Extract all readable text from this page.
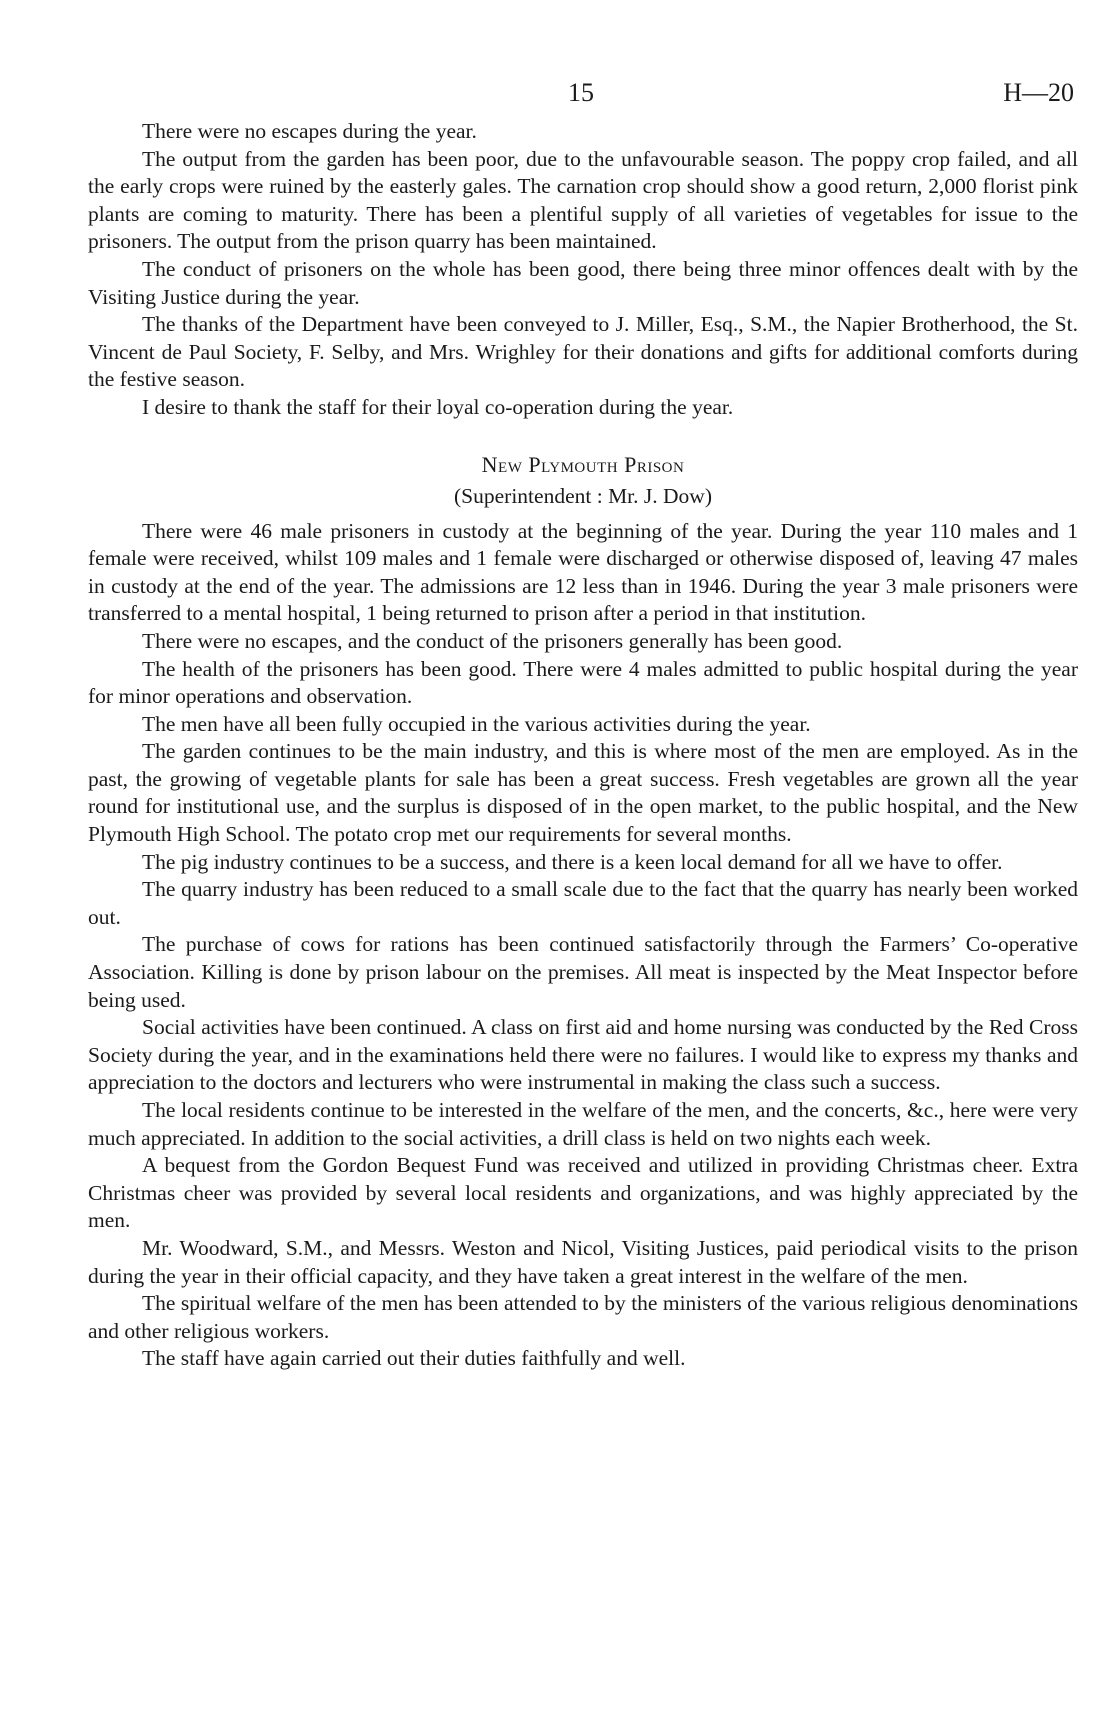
15	H—20

There were no escapes during the year.

The output from the garden has been poor, due to the unfavourable season. The poppy crop failed, and all the early crops were ruined by the easterly gales. The carnation crop should show a good return, 2,000 florist pink plants are coming to maturity. There has been a plentiful supply of all varieties of vegetables for issue to the prisoners. The output from the prison quarry has been maintained.

The conduct of prisoners on the whole has been good, there being three minor offences dealt with by the Visiting Justice during the year.

The thanks of the Department have been conveyed to J. Miller, Esq., S.M., the Napier Brotherhood, the St. Vincent de Paul Society, F. Selby, and Mrs. Wrighley for their donations and gifts for additional comforts during the festive season.

I desire to thank the staff for their loyal co-operation during the year.

New Plymouth Prison
(Superintendent : Mr. J. Dow)

There were 46 male prisoners in custody at the beginning of the year. During the year 110 males and 1 female were received, whilst 109 males and 1 female were discharged or otherwise disposed of, leaving 47 males in custody at the end of the year. The admissions are 12 less than in 1946. During the year 3 male prisoners were transferred to a mental hospital, 1 being returned to prison after a period in that institution.

There were no escapes, and the conduct of the prisoners generally has been good.

The health of the prisoners has been good. There were 4 males admitted to public hospital during the year for minor operations and observation.

The men have all been fully occupied in the various activities during the year.

The garden continues to be the main industry, and this is where most of the men are employed. As in the past, the growing of vegetable plants for sale has been a great success. Fresh vegetables are grown all the year round for institutional use, and the surplus is disposed of in the open market, to the public hospital, and the New Plymouth High School. The potato crop met our requirements for several months.

The pig industry continues to be a success, and there is a keen local demand for all we have to offer.

The quarry industry has been reduced to a small scale due to the fact that the quarry has nearly been worked out.

The purchase of cows for rations has been continued satisfactorily through the Farmers’ Co-operative Association. Killing is done by prison labour on the premises. All meat is inspected by the Meat Inspector before being used.

Social activities have been continued. A class on first aid and home nursing was conducted by the Red Cross Society during the year, and in the examinations held there were no failures. I would like to express my thanks and appreciation to the doctors and lecturers who were instrumental in making the class such a success.

The local residents continue to be interested in the welfare of the men, and the concerts, &c., here were very much appreciated. In addition to the social activities, a drill class is held on two nights each week.

A bequest from the Gordon Bequest Fund was received and utilized in providing Christmas cheer. Extra Christmas cheer was provided by several local residents and organizations, and was highly appreciated by the men.

Mr. Woodward, S.M., and Messrs. Weston and Nicol, Visiting Justices, paid periodical visits to the prison during the year in their official capacity, and they have taken a great interest in the welfare of the men.

The spiritual welfare of the men has been attended to by the ministers of the various religious denominations and other religious workers.

The staff have again carried out their duties faithfully and well.
